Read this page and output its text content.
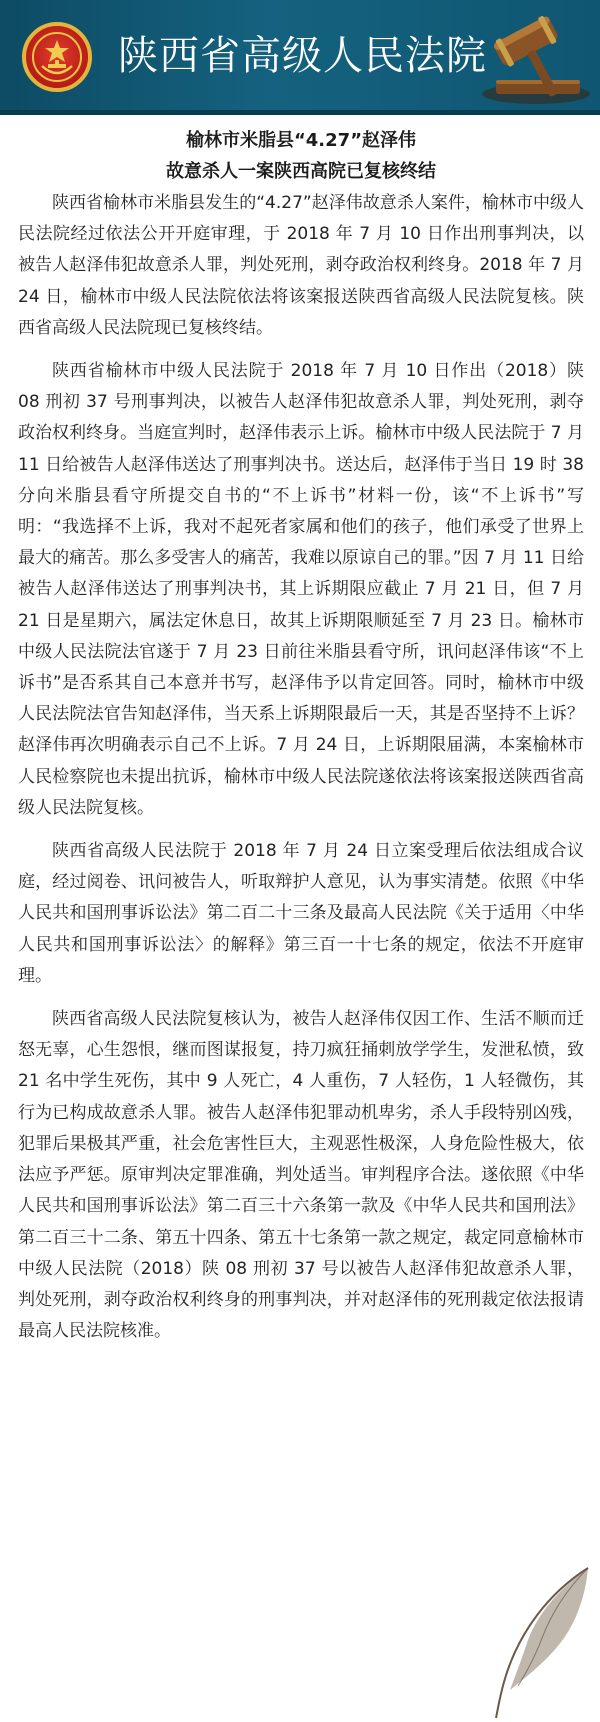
陕西省高级人民法院
榆林市米脂县“4.27”赵泽伟
故意杀人一案陕西高院已复核终结

陕西省榆林市米脂县发生的“4.27”赵泽伟故意杀人案件，榆林市中级人民法院经过依法公开开庭审理，于 2018 年 7 月 10 日作出刑事判决，以被告人赵泽伟犯故意杀人罪，判处死刑，剥夺政治权利终身。2018 年 7 月 24 日，榆林市中级人民法院依法将该案报送陕西省高级人民法院复核。陕西省高级人民法院现已复核终结。

陕西省榆林市中级人民法院于 2018 年 7 月 10 日作出（2018）陕 08 刑初 37 号刑事判决，以被告人赵泽伟犯故意杀人罪，判处死刑，剥夺政治权利终身。当庭宣判时，赵泽伟表示上诉。榆林市中级人民法院于 7 月 11 日给被告人赵泽伟送达了刑事判决书。送达后，赵泽伟于当日 19 时 38 分向米脂县看守所提交自书的“不上诉书”材料一份，该“不上诉书”写明：“我选择不上诉，我对不起死者家属和他们的孩子，他们承受了世界上最大的痛苦。那么多受害人的痛苦，我难以原谅自己的罪。”因 7 月 11 日给被告人赵泽伟送达了刑事判决书，其上诉期限应截止 7 月 21 日，但 7 月 21 日是星期六，属法定休息日，故其上诉期限顺延至 7 月 23 日。榆林市中级人民法院法官遂于 7 月 23 日前往米脂县看守所，讯问赵泽伟该“不上诉书”是否系其自己本意并书写，赵泽伟予以肯定回答。同时，榆林市中级人民法院法官告知赵泽伟，当天系上诉期限最后一天，其是否坚持不上诉？赵泽伟再次明确表示自己不上诉。7 月 24 日，上诉期限届满，本案榆林市人民检察院也未提出抗诉，榆林市中级人民法院遂依法将该案报送陕西省高级人民法院复核。

陕西省高级人民法院于 2018 年 7 月 24 日立案受理后依法组成合议庭，经过阅卷、讯问被告人，听取辩护人意见，认为事实清楚。依照《中华人民共和国刑事诉讼法》第二百二十三条及最高人民法院《关于适用〈中华人民共和国刑事诉讼法〉的解释》第三百一十七条的规定，依法不开庭审理。

陕西省高级人民法院复核认为，被告人赵泽伟仅因工作、生活不顺而迁怒无辜，心生怨恨，继而图谋报复，持刀疯狂捅刺放学学生，发泄私愤，致 21 名中学生死伤，其中 9 人死亡，4 人重伤，7 人轻伤，1 人轻微伤，其行为已构成故意杀人罪。被告人赵泽伟犯罪动机卑劣，杀人手段特别凶残，犯罪后果极其严重，社会危害性巨大，主观恶性极深，人身危险性极大，依法应予严惩。原审判决定罪准确，判处适当。审判程序合法。遂依照《中华人民共和国刑事诉讼法》第二百三十六条第一款及《中华人民共和国刑法》第二百三十二条、第五十四条、第五十七条第一款之规定，裁定同意榆林市中级人民法院（2018）陕 08 刑初 37 号以被告人赵泽伟犯故意杀人罪，判处死刑，剥夺政治权利终身的刑事判决，并对赵泽伟的死刑裁定依法报请最高人民法院核准。
